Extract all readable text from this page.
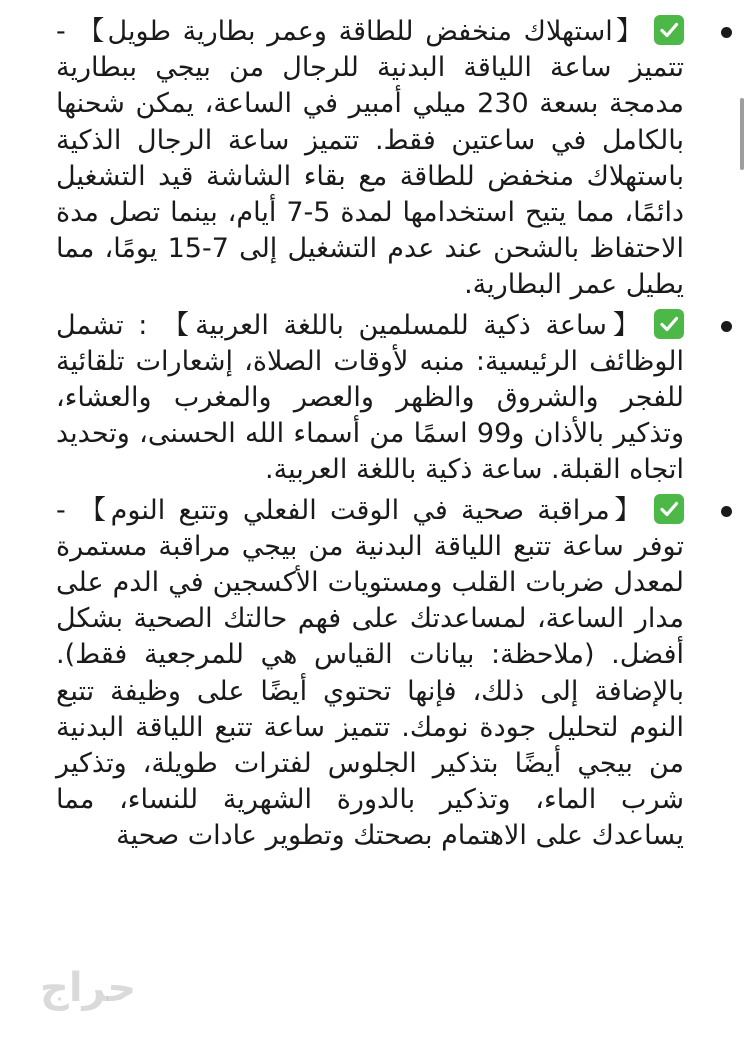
【استهلاك منخفض للطاقة وعمر بطارية طويل】 - تتميز ساعة اللياقة البدنية للرجال من بيجي ببطارية مدمجة بسعة 230 ميلي أمبير في الساعة، يمكن شحنها بالكامل في ساعتين فقط. تتميز ساعة الرجال الذكية باستهلاك منخفض للطاقة مع بقاء الشاشة قيد التشغيل دائمًا، مما يتيح استخدامها لمدة 5-7 أيام، بينما تصل مدة الاحتفاظ بالشحن عند عدم التشغيل إلى 7-15 يومًا، مما يطيل عمر البطارية.
【ساعة ذكية للمسلمين باللغة العربية】 : تشمل الوظائف الرئيسية: منبه لأوقات الصلاة، إشعارات تلقائية للفجر والشروق والظهر والعصر والمغرب والعشاء، وتذكير بالأذان و99 اسمًا من أسماء الله الحسنى، وتحديد اتجاه القبلة. ساعة ذكية باللغة العربية.
【مراقبة صحية في الوقت الفعلي وتتبع النوم】 - توفر ساعة تتبع اللياقة البدنية من بيجي مراقبة مستمرة لمعدل ضربات القلب ومستويات الأكسجين في الدم على مدار الساعة، لمساعدتك على فهم حالتك الصحية بشكل أفضل. (ملاحظة: بيانات القياس هي للمرجعية فقط). بالإضافة إلى ذلك، فإنها تحتوي أيضًا على وظيفة تتبع النوم لتحليل جودة نومك. تتميز ساعة تتبع اللياقة البدنية من بيجي أيضًا بتذكير الجلوس لفترات طويلة، وتذكير شرب الماء، وتذكير بالدورة الشهرية للنساء، مما يساعدك على الاهتمام بصحتك وتطوير عادات صحية
حراج
